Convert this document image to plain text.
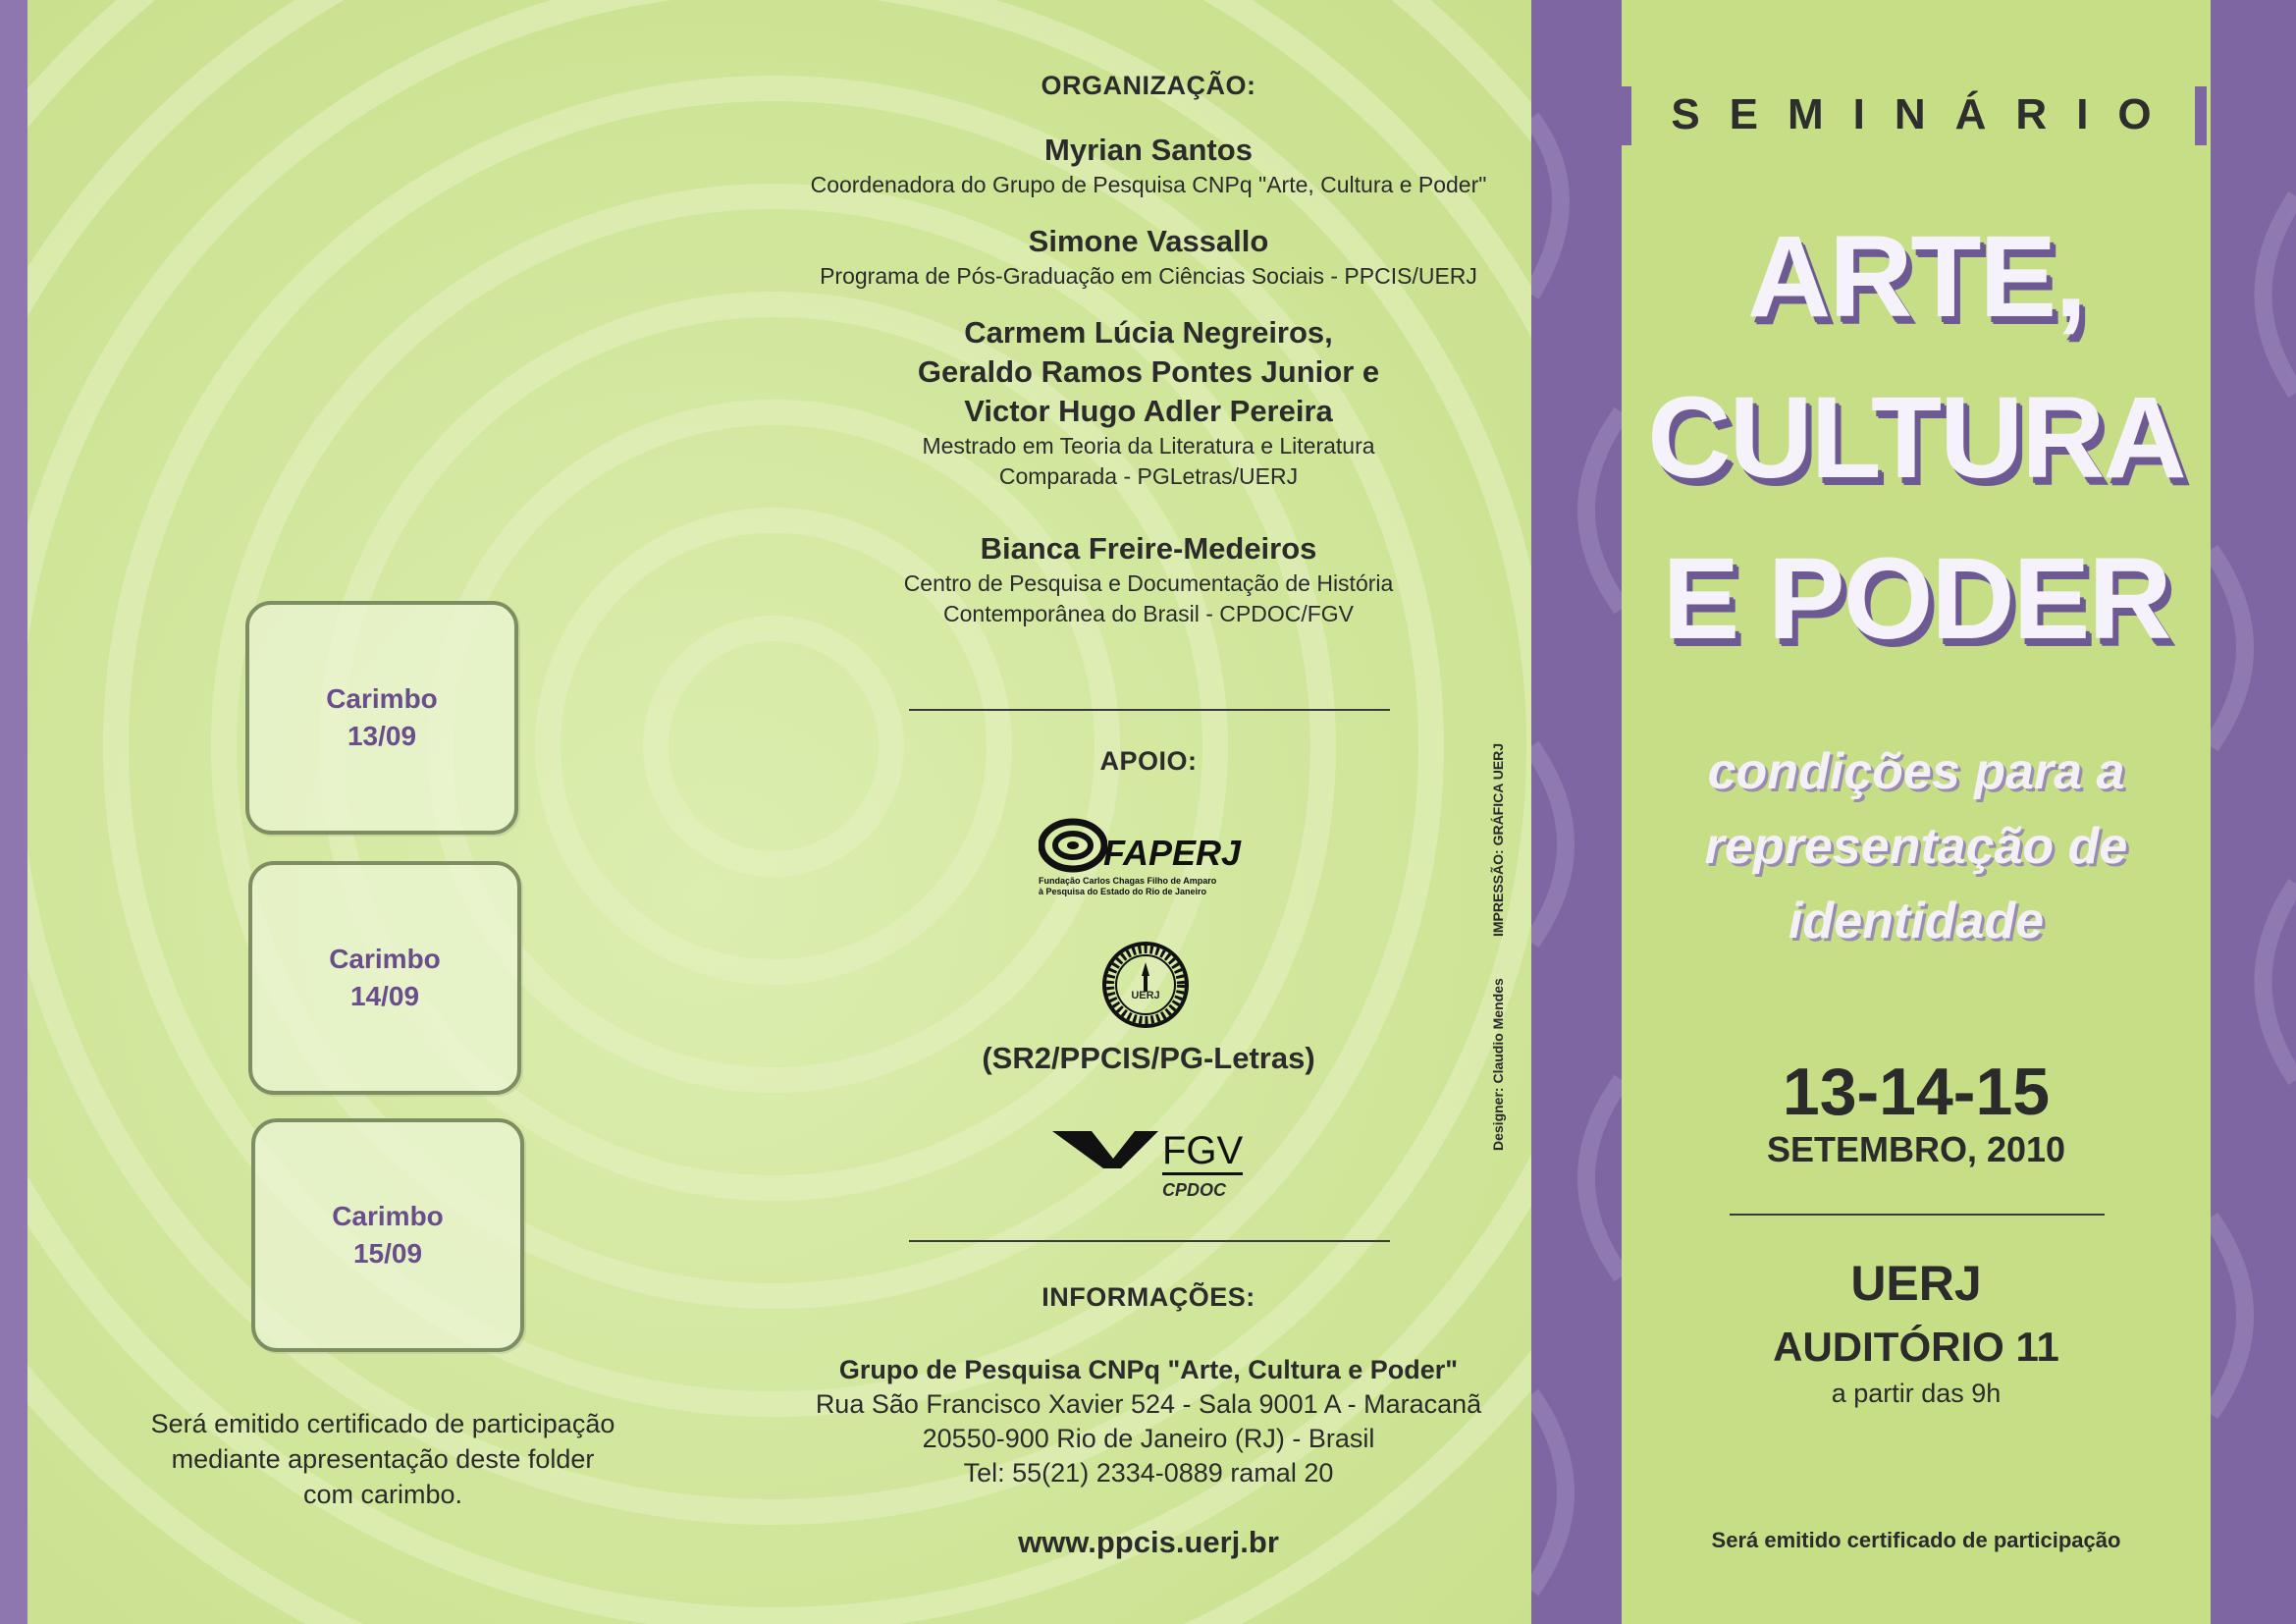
Carimbo
13/09
Carimbo
14/09
Carimbo
15/09
Será emitido certificado de participação
mediante apresentação deste folder
com carimbo.
ORGANIZAÇÃO:
Myrian Santos
Coordenadora do Grupo de Pesquisa CNPq "Arte, Cultura e Poder"
Simone Vassallo
Programa de Pós-Graduação em Ciências Sociais - PPCIS/UERJ
Carmem Lúcia Negreiros,
Geraldo Ramos Pontes Junior e
Victor Hugo Adler Pereira
Mestrado em Teoria da Literatura e Literatura
Comparada - PGLetras/UERJ
Bianca Freire-Medeiros
Centro de Pesquisa e Documentação de História
Contemporânea do Brasil - CPDOC/FGV
APOIO:
FAPERJ
Fundação Carlos Chagas Filho de Amparo
à Pesquisa do Estado do Rio de Janeiro
UERJ
(SR2/PPCIS/PG-Letras)
FGV
CPDOC
INFORMAÇÕES:
Grupo de Pesquisa CNPq "Arte, Cultura e Poder"
Rua São Francisco Xavier 524 - Sala 9001 A - Maracanã
20550-900 Rio de Janeiro (RJ) - Brasil
Tel: 55(21) 2334-0889 ramal 20
www.ppcis.uerj.br
Designer: Claudio Mendes
IMPRESSÃO: GRÁFICA UERJ
SEMINÁRIO
ARTE,
CULTURA
E PODER
condições para a
representação de
identidade
13-14-15
SETEMBRO, 2010
UERJ
AUDITÓRIO 11
a partir das 9h
Será emitido certificado de participação
